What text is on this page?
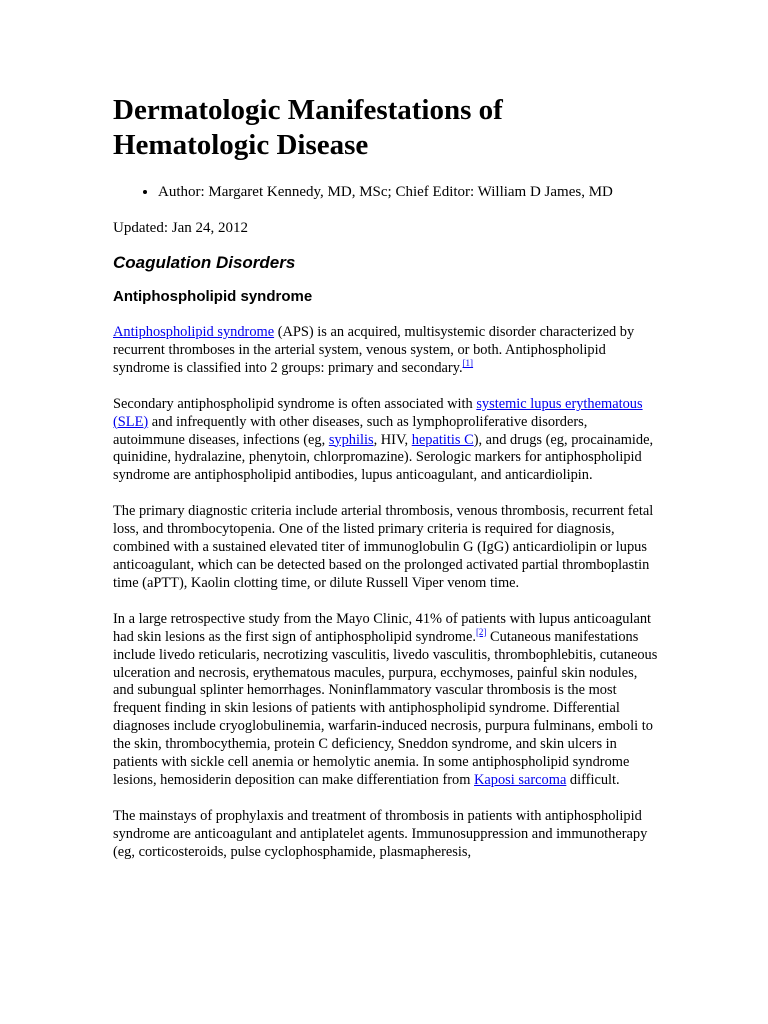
Dermatologic Manifestations of
Hematologic Disease
• Author: Margaret Kennedy, MD, MSc; Chief Editor: William D James, MD

Updated: Jan 24, 2012

Coagulation Disorders
Antiphospholipid syndrome

Antiphospholipid syndrome (APS) is an acquired, multisystemic disorder characterized by recurrent thromboses in the arterial system, venous system, or both. Antiphospholipid syndrome is classified into 2 groups: primary and secondary.[1]

Secondary antiphospholipid syndrome is often associated with systemic lupus erythematous (SLE) and infrequently with other diseases, such as lymphoproliferative disorders, autoimmune diseases, infections (eg, syphilis, HIV, hepatitis C), and drugs (eg, procainamide, quinidine, hydralazine, phenytoin, chlorpromazine). Serologic markers for antiphospholipid syndrome are antiphospholipid antibodies, lupus anticoagulant, and anticardiolipin.

The primary diagnostic criteria include arterial thrombosis, venous thrombosis, recurrent fetal loss, and thrombocytopenia. One of the listed primary criteria is required for diagnosis, combined with a sustained elevated titer of immunoglobulin G (IgG) anticardiolipin or lupus anticoagulant, which can be detected based on the prolonged activated partial thromboplastin time (aPTT), Kaolin clotting time, or dilute Russell Viper venom time.

In a large retrospective study from the Mayo Clinic, 41% of patients with lupus anticoagulant had skin lesions as the first sign of antiphospholipid syndrome.[2] Cutaneous manifestations include livedo reticularis, necrotizing vasculitis, livedo vasculitis, thrombophlebitis, cutaneous ulceration and necrosis, erythematous macules, purpura, ecchymoses, painful skin nodules, and subungual splinter hemorrhages. Noninflammatory vascular thrombosis is the most frequent finding in skin lesions of patients with antiphospholipid syndrome. Differential diagnoses include cryoglobulinemia, warfarin-induced necrosis, purpura fulminans, emboli to the skin, thrombocythemia, protein C deficiency, Sneddon syndrome, and skin ulcers in patients with sickle cell anemia or hemolytic anemia. In some antiphospholipid syndrome lesions, hemosiderin deposition can make differentiation from Kaposi sarcoma difficult.

The mainstays of prophylaxis and treatment of thrombosis in patients with antiphospholipid syndrome are anticoagulant and antiplatelet agents. Immunosuppression and immunotherapy (eg, corticosteroids, pulse cyclophosphamide, plasmapheresis,
